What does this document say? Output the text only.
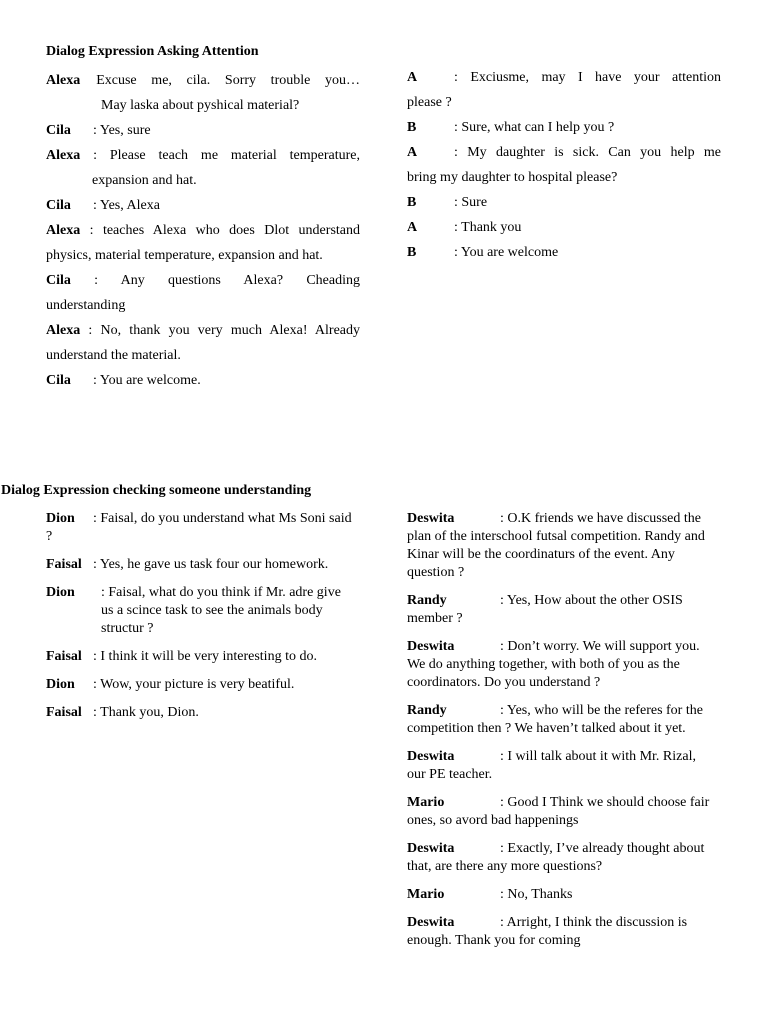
Dialog Expression Asking Attention
Alexa Excuse me, cila. Sorry trouble you…
May laska about pyshical material?
Cila : Yes, sure
Alexa : Please teach me material temperature,
expansion and hat.
Cila : Yes, Alexa
Alexa : teaches Alexa who does Dlot understand
physics, material temperature, expansion and hat.
Cila : Any questions Alexa? Cheading
understanding
Alexa : No, thank you very much Alexa! Already
understand the material.
Cila : You are welcome.
A	: Exciusme, may I have your attention
please ?
B	: Sure, what can I help you ?
A	: My daughter is sick. Can you help me
bring my daughter to hospital please?
B	: Sure
A	: Thank you
B	: You are welcome
Dialog Expression checking someone understanding
Dion	: Faisal, do you understand what Ms Soni said ?
Faisal : Yes, he gave us task four our homework.
Dion : Faisal, what do you think if Mr. adre give us a scince task to see the animals body structur ?
Faisal : I think it will be very interesting to do.
Dion : Wow, your picture is very beatiful.
Faisal : Thank you, Dion.
Deswita	: O.K friends we have discussed the plan of the interschool futsal competition. Randy and Kinar will be the coordinaturs of the event. Any question ?
Randy	: Yes, How about the other OSIS member ?
Deswita	: Don’t worry. We will support you. We do anything together, with both of you as the coordinators. Do you understand ?
Randy	: Yes, who will be the referes for the competition then ? We haven’t talked about it yet.
Deswita	: I will talk about it with Mr. Rizal, our PE teacher.
Mario	: Good I Think we should choose fair ones, so avord bad happenings
Deswita	: Exactly, I’ve already thought about that, are there any more questions?
Mario	: No, Thanks
Deswita	: Arright, I think the discussion is enough. Thank you for coming
